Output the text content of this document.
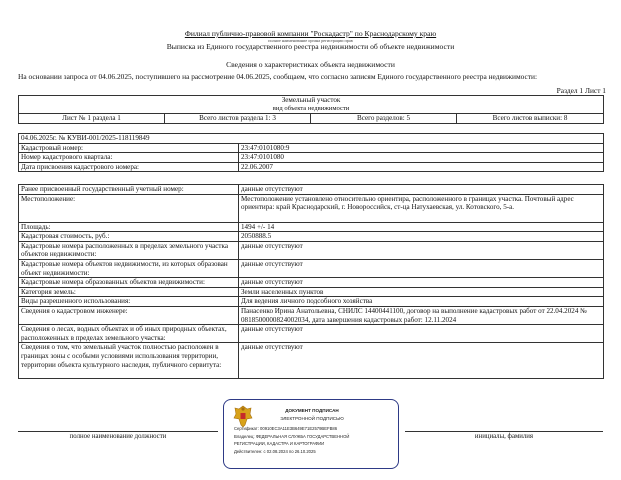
Филиал публично-правовой компании "Роскадастр" по Краснодарскому краю
полное наименование органа регистрации прав
Выписка из Единого государственного реестра недвижимости об объекте недвижимости
Сведения о характеристиках объекта недвижимости
На основании запроса от 04.06.2025, поступившего на рассмотрение 04.06.2025, сообщаем, что согласно записям Единого государственного реестра недвижимости:
Раздел 1 Лист 1
Земельный участок
вид объекта недвижимости
Лист № 1 раздела 1	Всего листов раздела 1: 3	Всего разделов: 5	Всего листов выписки: 8
04.06.2025г. № КУВИ-001/2025-118119849	
Кадастровый номер:	23:47:0101080:9
Номер кадастрового квартала:	23:47:0101080
Дата присвоения кадастрового номера:	22.06.2007
Ранее присвоенный государственный учетный номер:	данные отсутствуют
Местоположение:	Местоположение установлено относительно ориентира, расположенного в границах участка. Почтовый адрес ориентира: край Краснодарский, г. Новороссийск, ст-ца Натухаевская, ул. Котовского, 5-а.
Площадь:	1494 +/- 14
Кадастровая стоимость, руб.:	2050888.5
Кадастровые номера расположенных в пределах земельного участка объектов недвижимости:	данные отсутствуют
Кадастровые номера объектов недвижимости, из которых образован объект недвижимости:	данные отсутствуют
Кадастровые номера образованных объектов недвижимости:	данные отсутствуют
Категория земель:	Земли населенных пунктов
Виды разрешенного использования:	Для ведения личного подсобного хозяйства
Сведения о кадастровом инженере:	Панасенко Ирина Анатольевна, СНИЛС 14400441100, договор на выполнение кадастровых работ от 22.04.2024 № 0818500000824002034, дата завершения кадастровых работ: 12.11.2024
Сведения о лесах, водных объектах и об иных природных объектах, расположенных в пределах земельного участка:	данные отсутствуют
Сведения о том, что земельный участок полностью расположен в границах зоны с особыми условиями использования территории, территории объекта культурного наследия, публичного сервитута:	данные отсутствуют
полное наименование должности	инициалы, фамилия
ДОКУМЕНТ ПОДПИСАН
ЭЛЕКТРОННОЙ ПОДПИСЬЮ
Сертификат: 00910ЕС3А11Е3В649Е71Е2579ВЕFB86
Владелец: ФЕДЕРАЛЬНАЯ СЛУЖБА ГОСУДАРСТВЕННОЙ
РЕГИСТРАЦИИ, КАДАСТРА И КАРТОГРАФИИ
Действителен: с 02.08.2024 по 26.10.2025
